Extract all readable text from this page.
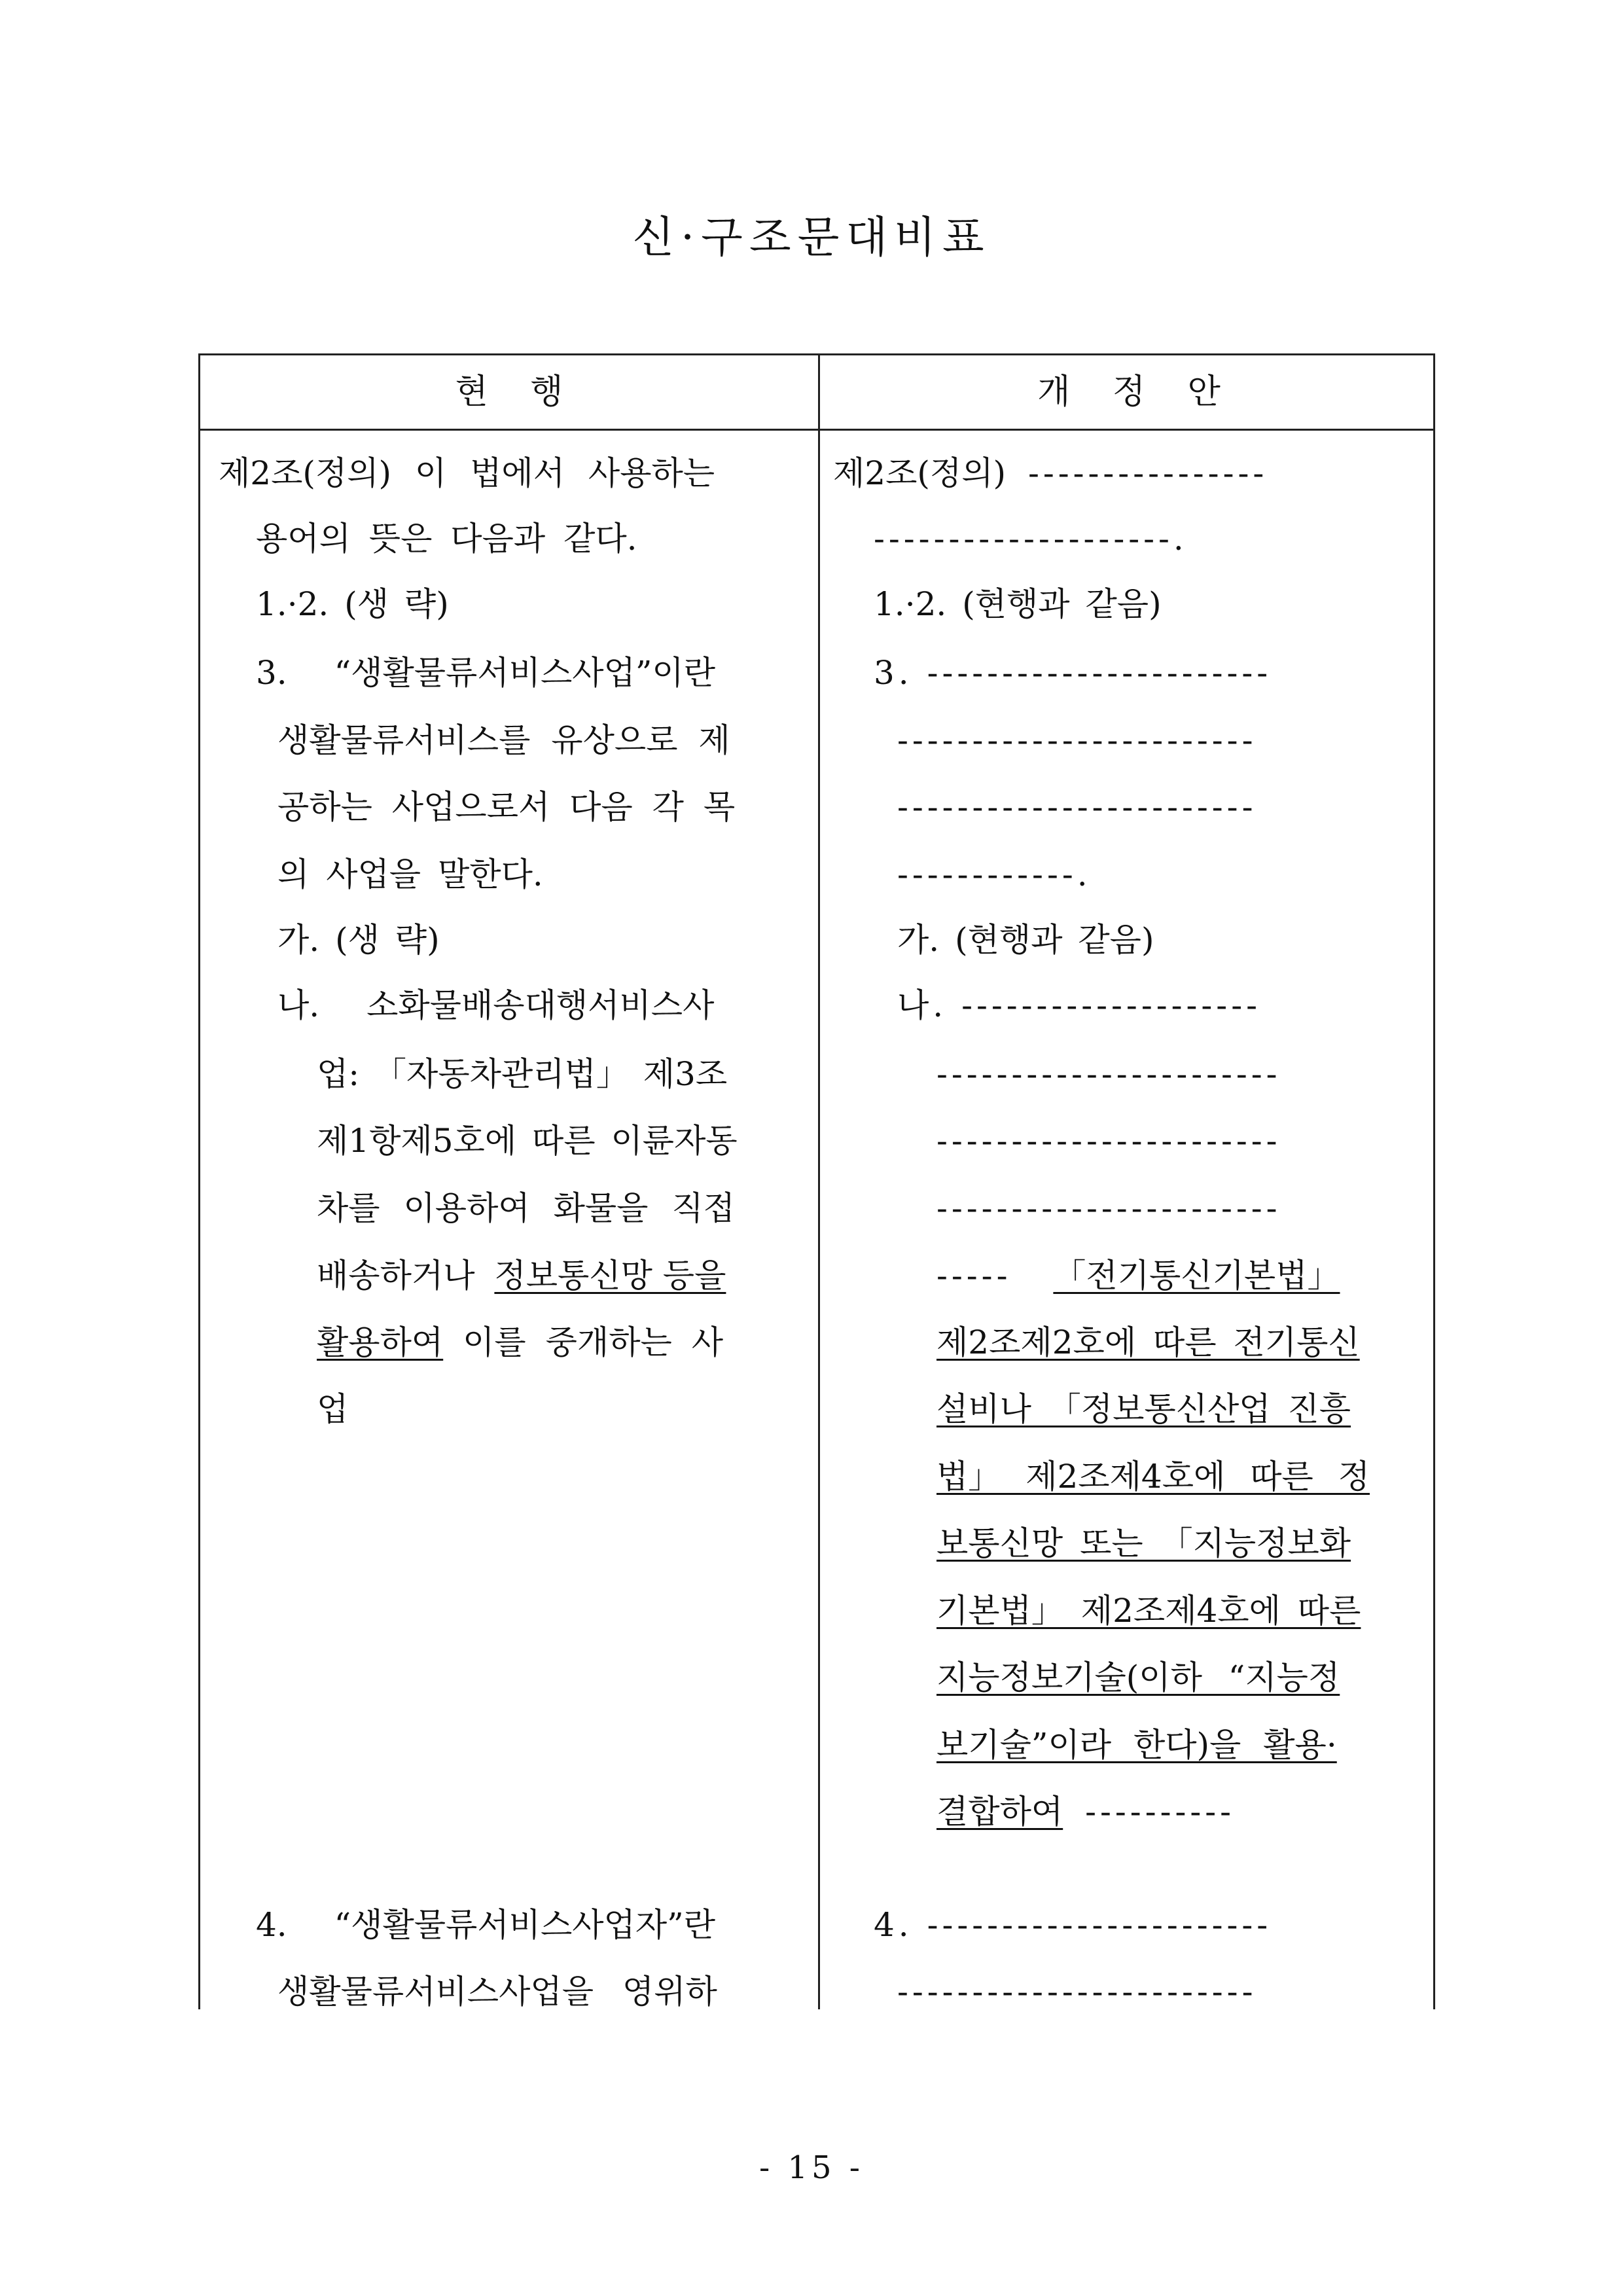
신·구조문대비표
현 행	개 정 안
제2조(정의) 이 법에서 사용하는
용어의 뜻은 다음과 같다.
1.·2. (생 략)
3. “생활물류서비스사업”이란
생활물류서비스를 유상으로 제
공하는 사업으로서 다음 각 목
의 사업을 말한다.
가. (생 략)
나. 소화물배송대행서비스사
업: 「자동차관리법」 제3조
제1항제5호에 따른 이륜자동
차를 이용하여 화물을 직접
배송하거나 정보통신망 등을
활용하여 이를 중개하는 사
업
4. “생활물류서비스사업자”란
생활물류서비스사업을 영위하
제2조(정의) ----------------
--------------------.
1.·2. (현행과 같음)
3. -----------------------
------------------------
------------------------
------------.
가. (현행과 같음)
나. --------------------
-----------------------
-----------------------
-----------------------
----- 「전기통신기본법」
제2조제2호에 따른 전기통신
설비나 「정보통신산업 진흥
법」 제2조제4호에 따른 정
보통신망 또는 「지능정보화
기본법」 제2조제4호에 따른
지능정보기술(이하 “지능정
보기술”이라 한다)을 활용·
결합하여 ----------
4. -----------------------
------------------------
- 15 -
